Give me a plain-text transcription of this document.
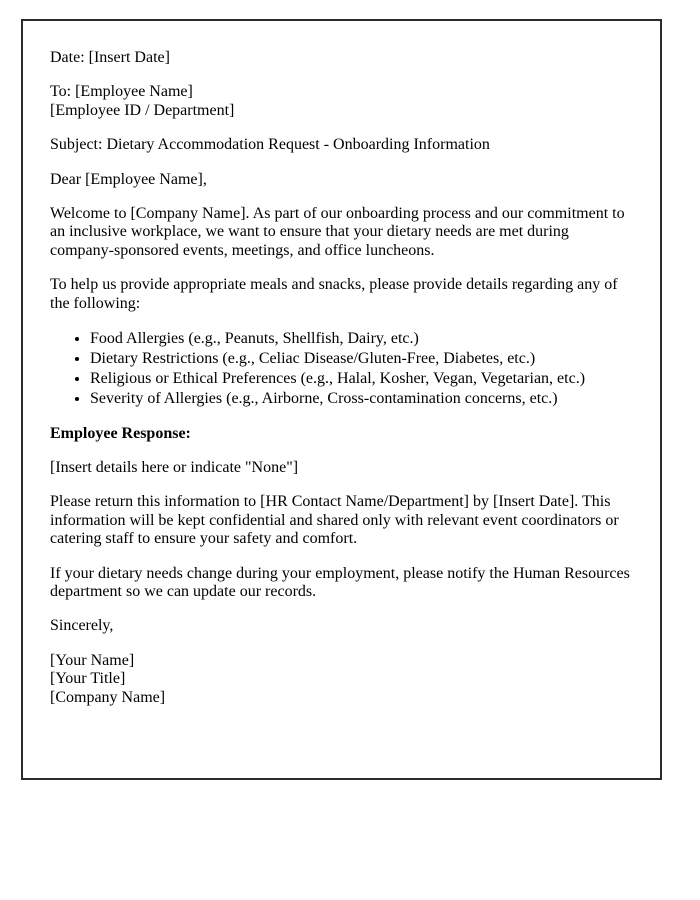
Date: [Insert Date]

To: [Employee Name]
[Employee ID / Department]

Subject: Dietary Accommodation Request - Onboarding Information

Dear [Employee Name],

Welcome to [Company Name]. As part of our onboarding process and our commitment to an inclusive workplace, we want to ensure that your dietary needs are met during company-sponsored events, meetings, and office luncheons.

To help us provide appropriate meals and snacks, please provide details regarding any of the following:

• Food Allergies (e.g., Peanuts, Shellfish, Dairy, etc.)
• Dietary Restrictions (e.g., Celiac Disease/Gluten-Free, Diabetes, etc.)
• Religious or Ethical Preferences (e.g., Halal, Kosher, Vegan, Vegetarian, etc.)
• Severity of Allergies (e.g., Airborne, Cross-contamination concerns, etc.)

Employee Response:

[Insert details here or indicate "None"]

Please return this information to [HR Contact Name/Department] by [Insert Date]. This information will be kept confidential and shared only with relevant event coordinators or catering staff to ensure your safety and comfort.

If your dietary needs change during your employment, please notify the Human Resources department so we can update our records.

Sincerely,

[Your Name]
[Your Title]
[Company Name]
